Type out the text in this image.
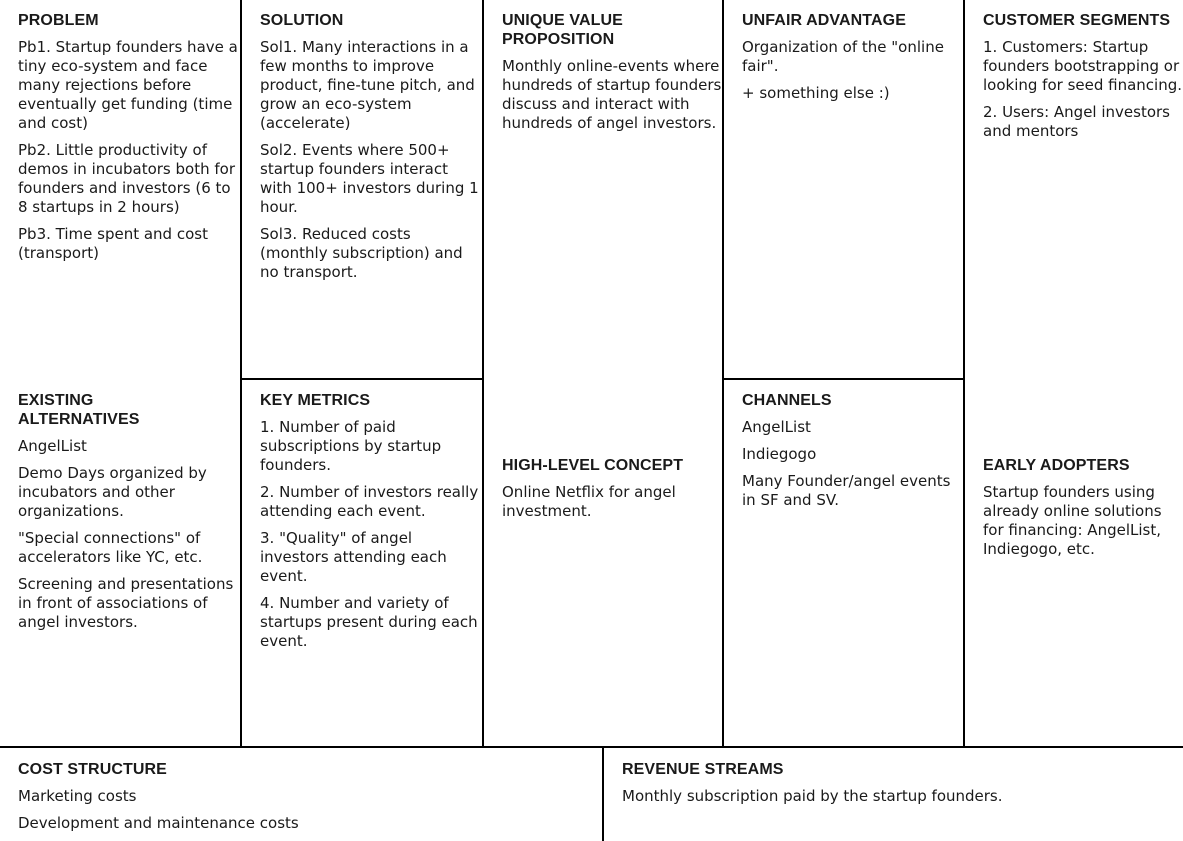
PROBLEM

Pb1. Startup founders have a tiny eco-system and face many rejections before eventually get funding (time and cost)

Pb2. Little productivity of demos in incubators both for founders and investors (6 to 8 startups in 2 hours)

Pb3. Time spent and cost (transport)

EXISTING ALTERNATIVES

AngelList

Demo Days organized by incubators and other organizations.

"Special connections" of accelerators like YC, etc.

Screening and presentations in front of associations of angel investors.

SOLUTION

Sol1. Many interactions in a few months to improve product, fine-tune pitch, and grow an eco-system (accelerate)

Sol2. Events where 500+ startup founders interact with 100+ investors during 1 hour.

Sol3. Reduced costs (monthly subscription) and no transport.

KEY METRICS

1. Number of paid subscriptions by startup founders.

2. Number of investors really attending each event.

3. "Quality" of angel investors attending each event.

4. Number and variety of startups present during each event.

UNIQUE VALUE PROPOSITION

Monthly online-events where hundreds of startup founders discuss and interact with hundreds of angel investors.

HIGH-LEVEL CONCEPT

Online Netflix for angel investment.

UNFAIR ADVANTAGE

Organization of the "online fair".

+ something else :)

CHANNELS

AngelList

Indiegogo

Many Founder/angel events in SF and SV.

CUSTOMER SEGMENTS

1. Customers: Startup founders bootstrapping or looking for seed financing.

2. Users: Angel investors and mentors

EARLY ADOPTERS

Startup founders using already online solutions for financing: AngelList, Indiegogo, etc.

COST STRUCTURE

Marketing costs

Development and maintenance costs

REVENUE STREAMS

Monthly subscription paid by the startup founders.
